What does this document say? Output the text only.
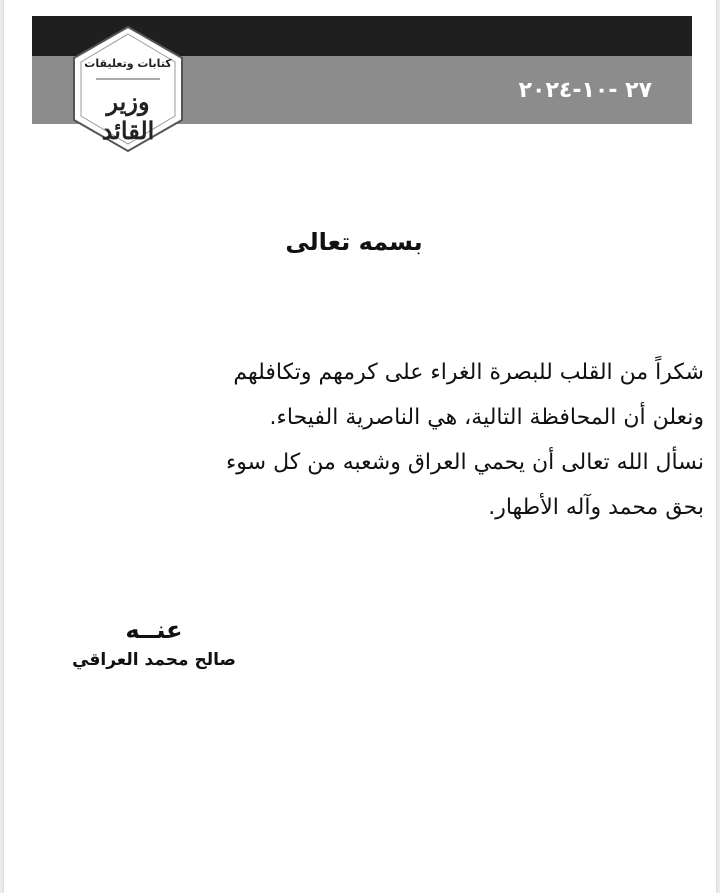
٢٧ -١٠-٢٠٢٤
كتابات وتعليقات
وزير القائد
بسمه تعالى

شكراً من القلب للبصرة الغراء على كرمهم وتكافلهم

ونعلن أن المحافظة التالية، هي الناصرية الفيحاء.

نسأل الله تعالى أن يحمي العراق وشعبه من كل سوء

بحق محمد وآله الأطهار.

عنــه
صالح محمد العراقي
